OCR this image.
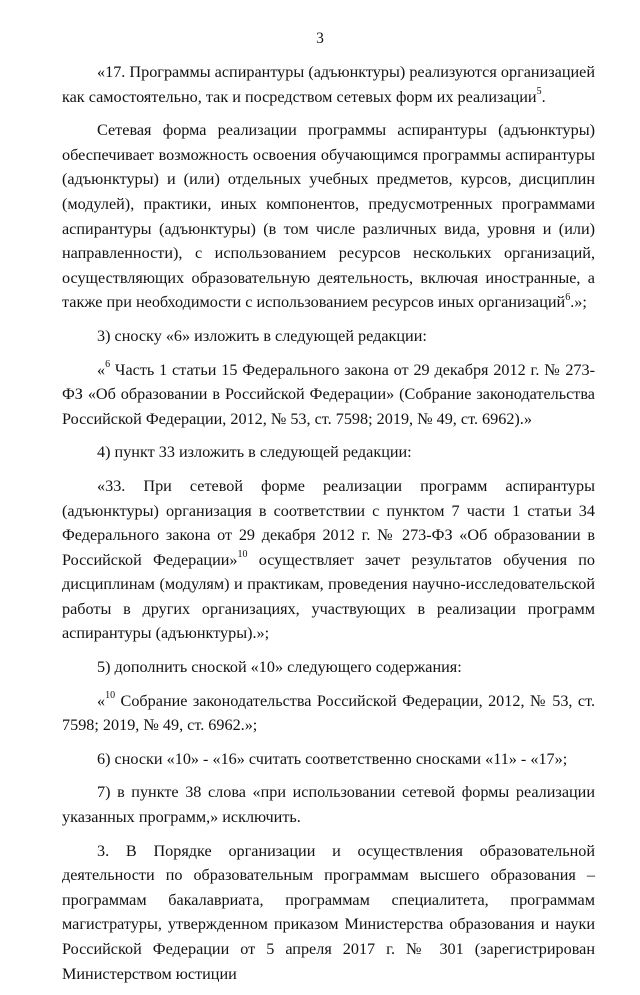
3

«17. Программы аспирантуры (адъюнктуры) реализуются организацией как самостоятельно, так и посредством сетевых форм их реализации$^5$.

Сетевая форма реализации программы аспирантуры (адъюнктуры) обеспечивает возможность освоения обучающимся программы аспирантуры (адъюнктуры) и (или) отдельных учебных предметов, курсов, дисциплин (модулей), практики, иных компонентов, предусмотренных программами аспирантуры (адъюнктуры) (в том числе различных вида, уровня и (или) направленности), с использованием ресурсов нескольких организаций, осуществляющих образовательную деятельность, включая иностранные, а также при необходимости с использованием ресурсов иных организаций$^6$.»;

3) сноску «6» изложить в следующей редакции:

«$^6$ Часть 1 статьи 15 Федерального закона от 29 декабря 2012 г. № 273-ФЗ «Об образовании в Российской Федерации» (Собрание законодательства Российской Федерации, 2012, № 53, ст. 7598; 2019, № 49, ст. 6962).»

4) пункт 33 изложить в следующей редакции:

«33. При сетевой форме реализации программ аспирантуры (адъюнктуры) организация в соответствии с пунктом 7 части 1 статьи 34 Федерального закона от 29 декабря 2012 г. № 273-ФЗ «Об образовании в Российской Федерации»$^{10}$ осуществляет зачет результатов обучения по дисциплинам (модулям) и практикам, проведения научно-исследовательской работы в других организациях, участвующих в реализации программ аспирантуры (адъюнктуры).»;

5) дополнить сноской «10» следующего содержания:

«$^{10}$ Собрание законодательства Российской Федерации, 2012, № 53, ст. 7598; 2019, № 49, ст. 6962.»;

6) сноски «10» - «16» считать соответственно сносками «11» - «17»;

7) в пункте 38 слова «при использовании сетевой формы реализации указанных программ,» исключить.

3. В Порядке организации и осуществления образовательной деятельности по образовательным программам высшего образования – программам бакалавриата, программам специалитета, программам магистратуры, утвержденном приказом Министерства образования и науки Российской Федерации от 5 апреля 2017 г. № 301 (зарегистрирован Министерством юстиции
